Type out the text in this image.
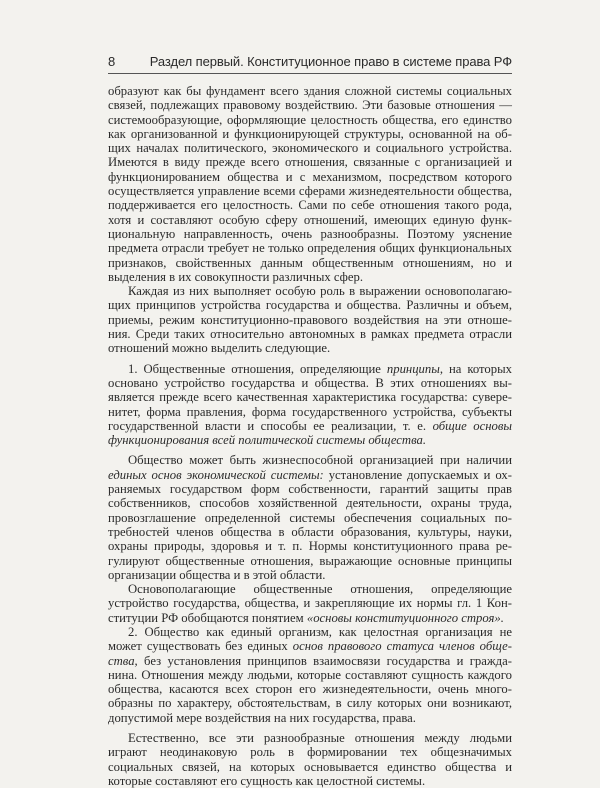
8	Раздел первый. Конституционное право в системе права РФ

образуют как бы фундамент всего здания сложной системы социальных связей, подлежащих правовому воздействию. Эти базовые отношения — системообразующие, оформляющие целостность общества, его единство как организованной и функционирующей структуры, основанной на общих началах политического, экономического и социального устройства. Имеются в виду прежде всего отношения, связанные с организацией и функционированием общества и с механизмом, посредством которого осуществляется управление всеми сферами жизнедеятельности общества, поддерживается его целостность. Сами по себе отношения такого рода, хотя и составляют особую сферу отношений, имеющих единую функциональную направленность, очень разнообразны. Поэтому уяснение предмета отрасли требует не только определения общих функциональных признаков, свойственных данным общественным отношениям, но и выделения в их совокупности различных сфер.

Каждая из них выполняет особую роль в выражении основополагающих принципов устройства государства и общества. Различны и объем, приемы, режим конституционно-правового воздействия на эти отношения. Среди таких относительно автономных в рамках предмета отрасли отношений можно выделить следующие.

1. Общественные отношения, определяющие принципы, на которых основано устройство государства и общества. В этих отношениях выявляется прежде всего качественная характеристика государства: суверенитет, форма правления, форма государственного устройства, субъекты государственной власти и способы ее реализации, т. е. общие основы функционирования всей политической системы общества.

Общество может быть жизнеспособной организацией при наличии единых основ экономической системы: установление допускаемых и охраняемых государством форм собственности, гарантий защиты прав собственников, способов хозяйственной деятельности, охраны труда, провозглашение определенной системы обеспечения социальных потребностей членов общества в области образования, культуры, науки, охраны природы, здоровья и т. п. Нормы конституционного права регулируют общественные отношения, выражающие основные принципы организации общества и в этой области.

Основополагающие общественные отношения, определяющие устройство государства, общества, и закрепляющие их нормы гл. 1 Конституции РФ обобщаются понятием «основы конституционного строя».

2. Общество как единый организм, как целостная организация не может существовать без единых основ правового статуса членов общества, без установления принципов взаимосвязи государства и гражданина. Отношения между людьми, которые составляют сущность каждого общества, касаются всех сторон его жизнедеятельности, очень многообразны по характеру, обстоятельствам, в силу которых они возникают, допустимой мере воздействия на них государства, права.

Естественно, все эти разнообразные отношения между людьми играют неодинаковую роль в формировании тех общезначимых социальных связей, на которых основывается единство общества и которые составляют его сущность как целостной системы.
